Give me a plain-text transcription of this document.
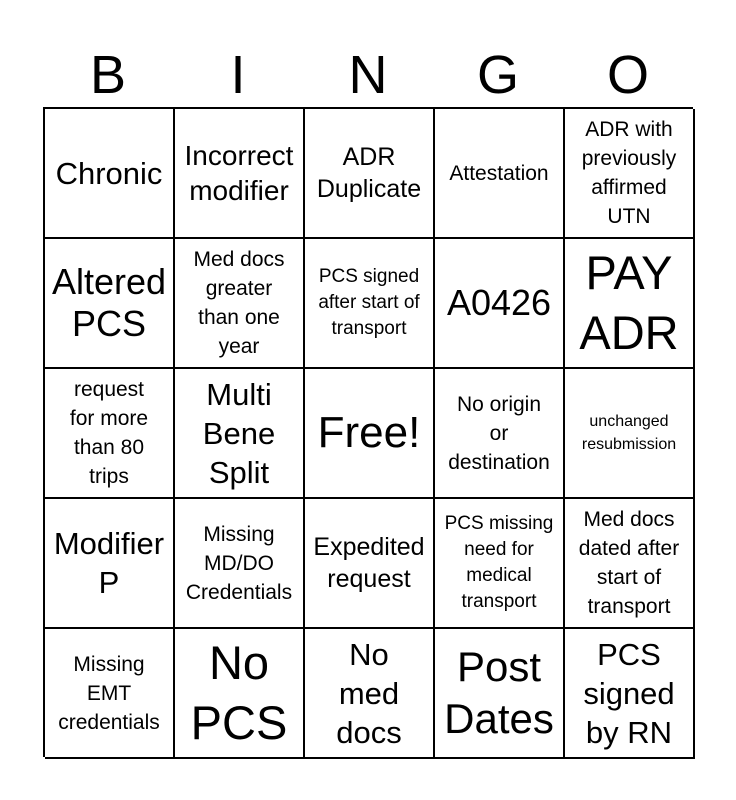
B	I	N	G	O
Chronic Incorrect
modifier
ADR
Duplicate
Attestation
ADR with
previously
affirmed
UTN
Altered
PCS
Med docs
greater
than one
year
PCS signed
after start of
transport
A0426
PAY
ADR
request
for more
than 80
trips
Multi
Bene
Split
Free!
No origin
or
destination
unchanged
resubmission
Modifier
P
Missing
MD/DO
Credentials
Expedited
request
PCS missing
need for
medical
transport
Med docs
dated after
start of
transport
Missing
EMT
credentials
No
PCS
No
med
docs
Post
Dates
PCS
signed
by RN
